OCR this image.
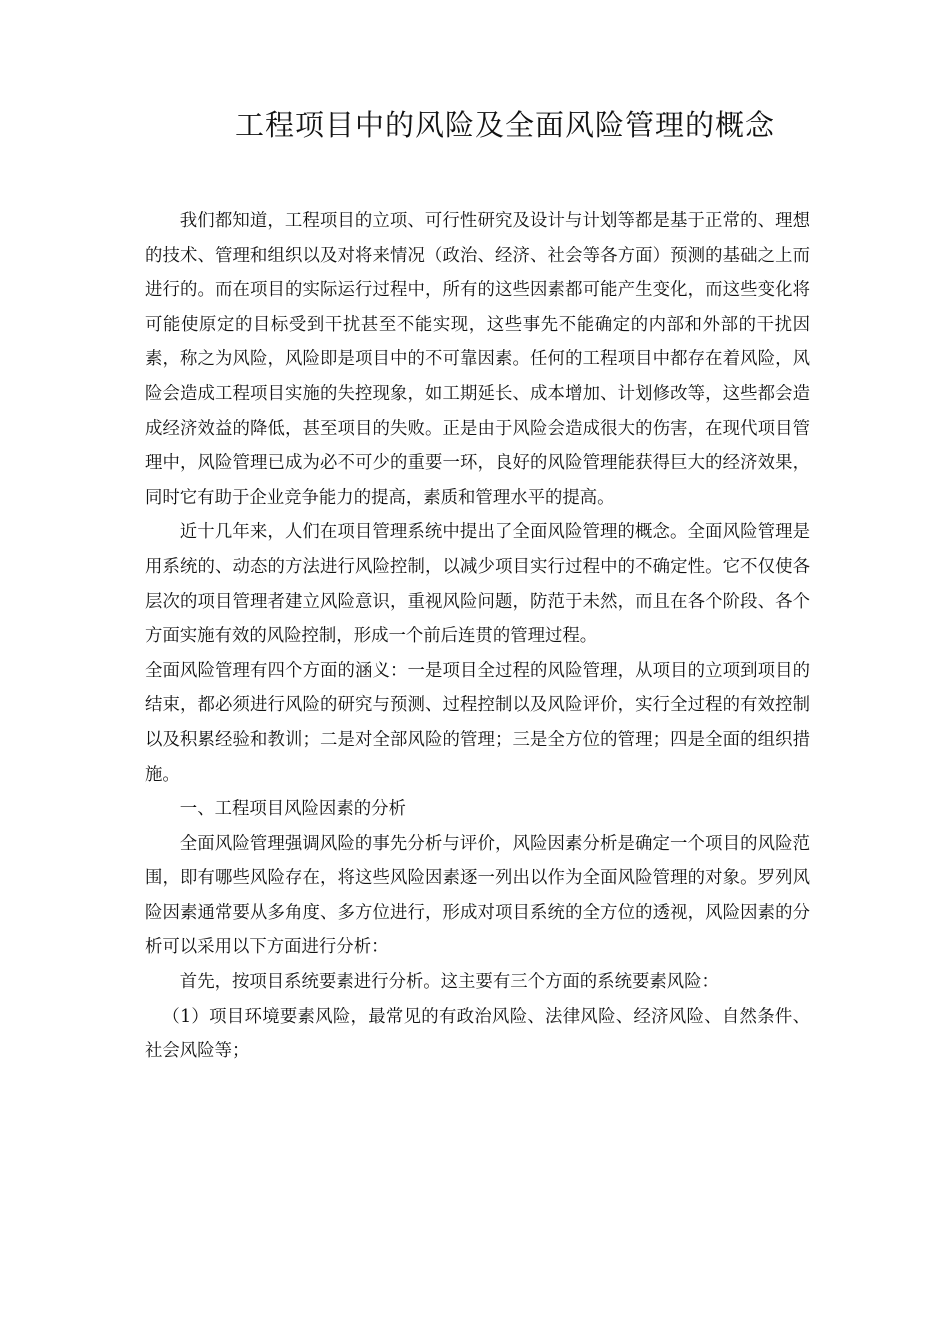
工程项目中的风险及全面风险管理的概念

我们都知道，工程项目的立项、可行性研究及设计与计划等都是基于正常的、理想的技术、管理和组织以及对将来情况（政治、经济、社会等各方面）预测的基础之上而进行的。而在项目的实际运行过程中，所有的这些因素都可能产生变化，而这些变化将可能使原定的目标受到干扰甚至不能实现，这些事先不能确定的内部和外部的干扰因素，称之为风险，风险即是项目中的不可靠因素。任何的工程项目中都存在着风险，风险会造成工程项目实施的失控现象，如工期延长、成本增加、计划修改等，这些都会造成经济效益的降低，甚至项目的失败。正是由于风险会造成很大的伤害，在现代项目管理中，风险管理已成为必不可少的重要一环，良好的风险管理能获得巨大的经济效果，同时它有助于企业竞争能力的提高，素质和管理水平的提高。

近十几年来，人们在项目管理系统中提出了全面风险管理的概念。全面风险管理是用系统的、动态的方法进行风险控制，以减少项目实行过程中的不确定性。它不仅使各层次的项目管理者建立风险意识，重视风险问题，防范于未然，而且在各个阶段、各个方面实施有效的风险控制，形成一个前后连贯的管理过程。

全面风险管理有四个方面的涵义：一是项目全过程的风险管理，从项目的立项到项目的结束，都必须进行风险的研究与预测、过程控制以及风险评价，实行全过程的有效控制以及积累经验和教训；二是对全部风险的管理；三是全方位的管理；四是全面的组织措施。

一、工程项目风险因素的分析

全面风险管理强调风险的事先分析与评价，风险因素分析是确定一个项目的风险范围，即有哪些风险存在，将这些风险因素逐一列出以作为全面风险管理的对象。罗列风险因素通常要从多角度、多方位进行，形成对项目系统的全方位的透视，风险因素的分析可以采用以下方面进行分析：

首先，按项目系统要素进行分析。这主要有三个方面的系统要素风险：

（1）项目环境要素风险，最常见的有政治风险、法律风险、经济风险、自然条件、社会风险等；
